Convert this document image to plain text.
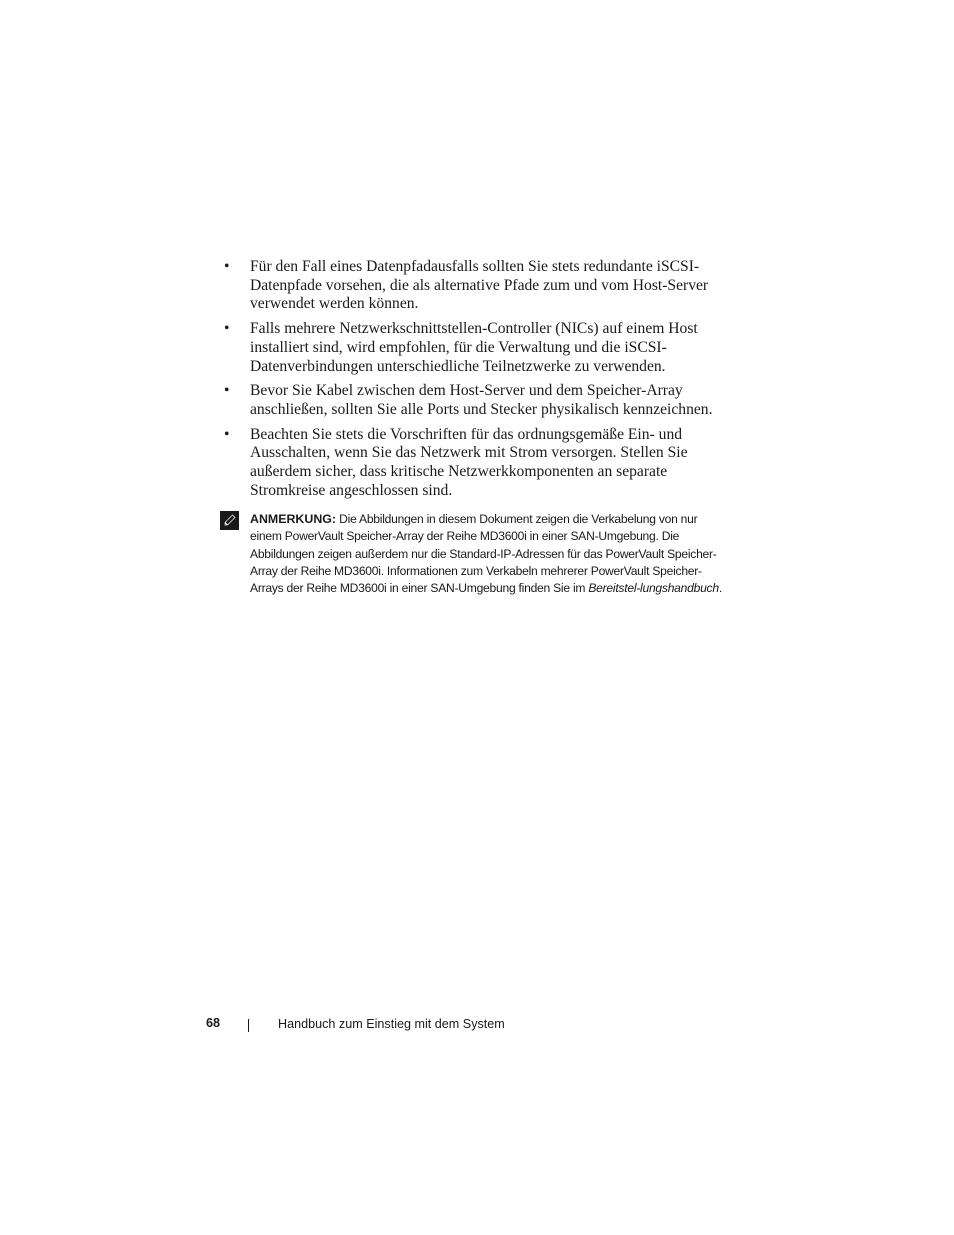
• Für den Fall eines Datenpfadausfalls sollten Sie stets redundante iSCSI-Datenpfade vorsehen, die als alternative Pfade zum und vom Host-Server verwendet werden können.
• Falls mehrere Netzwerkschnittstellen-Controller (NICs) auf einem Host installiert sind, wird empfohlen, für die Verwaltung und die iSCSI-Datenverbindungen unterschiedliche Teilnetzwerke zu verwenden.
• Bevor Sie Kabel zwischen dem Host-Server und dem Speicher-Array anschließen, sollten Sie alle Ports und Stecker physikalisch kennzeichnen.
• Beachten Sie stets die Vorschriften für das ordnungsgemäße Ein- und Ausschalten, wenn Sie das Netzwerk mit Strom versorgen. Stellen Sie außerdem sicher, dass kritische Netzwerkkomponenten an separate Stromkreise angeschlossen sind.
ANMERKUNG: Die Abbildungen in diesem Dokument zeigen die Verkabelung von nur einem PowerVault Speicher-Array der Reihe MD3600i in einer SAN-Umgebung. Die Abbildungen zeigen außerdem nur die Standard-IP-Adressen für das PowerVault Speicher-Array der Reihe MD3600i. Informationen zum Verkabeln mehrerer PowerVault Speicher-Arrays der Reihe MD3600i in einer SAN-Umgebung finden Sie im Bereitstel-lungshandbuch.
68	Handbuch zum Einstieg mit dem System
